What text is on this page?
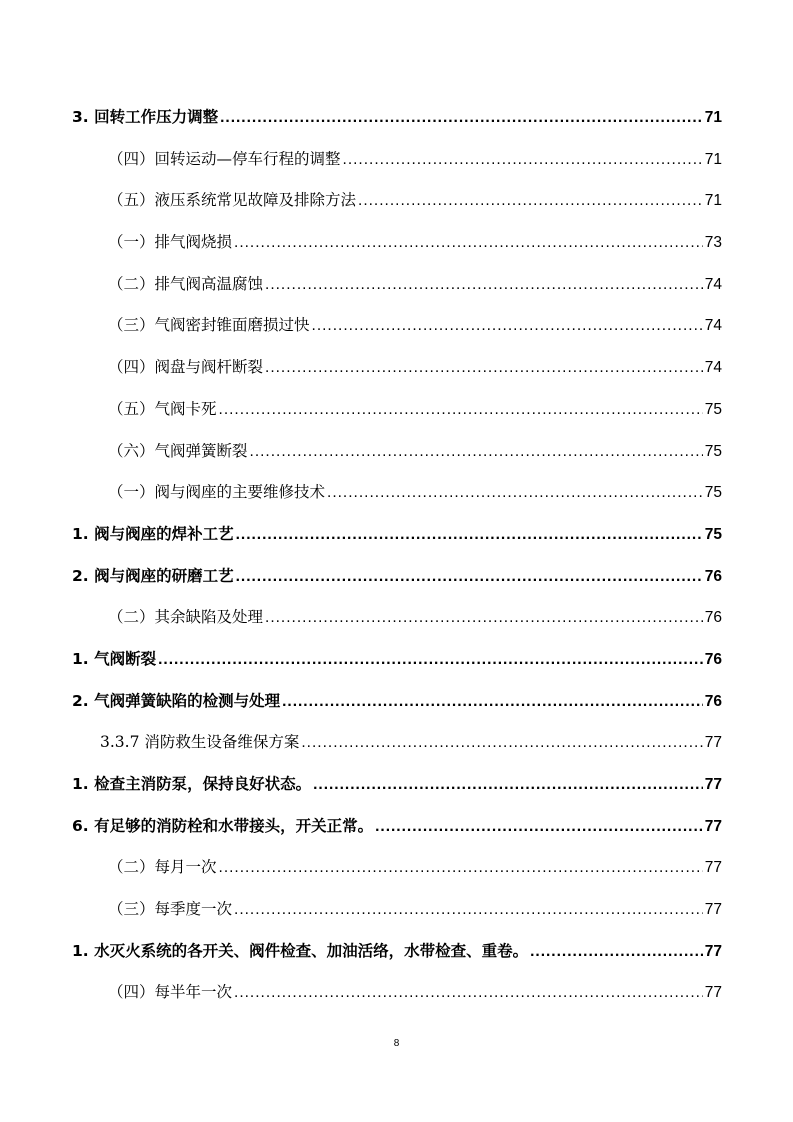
3. 回转工作压力调整 .....	71
（四）回转运动—停车行程的调整 .....	71
（五）液压系统常见故障及排除方法 .....	71
（一）排气阀烧损 .....	73
（二）排气阀高温腐蚀 .....	74
（三）气阀密封锥面磨损过快 .....	74
（四）阀盘与阀杆断裂 .....	74
（五）气阀卡死 .....	75
（六）气阀弹簧断裂 .....	75
（一）阀与阀座的主要维修技术 .....	75
1. 阀与阀座的焊补工艺 .....	75
2. 阀与阀座的研磨工艺 .....	76
（二）其余缺陷及处理 .....	76
1. 气阀断裂 .....	76
2. 气阀弹簧缺陷的检测与处理 .....	76
3.3.7 消防救生设备维保方案 .....	77
1. 检查主消防泵，保持良好状态。 .....	77
6. 有足够的消防栓和水带接头，开关正常。 .....	77
（二）每月一次 .....	77
（三）每季度一次 .....	77
1. 水灭火系统的各开关、阀件检查、加油活络，水带检查、重卷。 .....	77
（四）每半年一次 .....	77
8
